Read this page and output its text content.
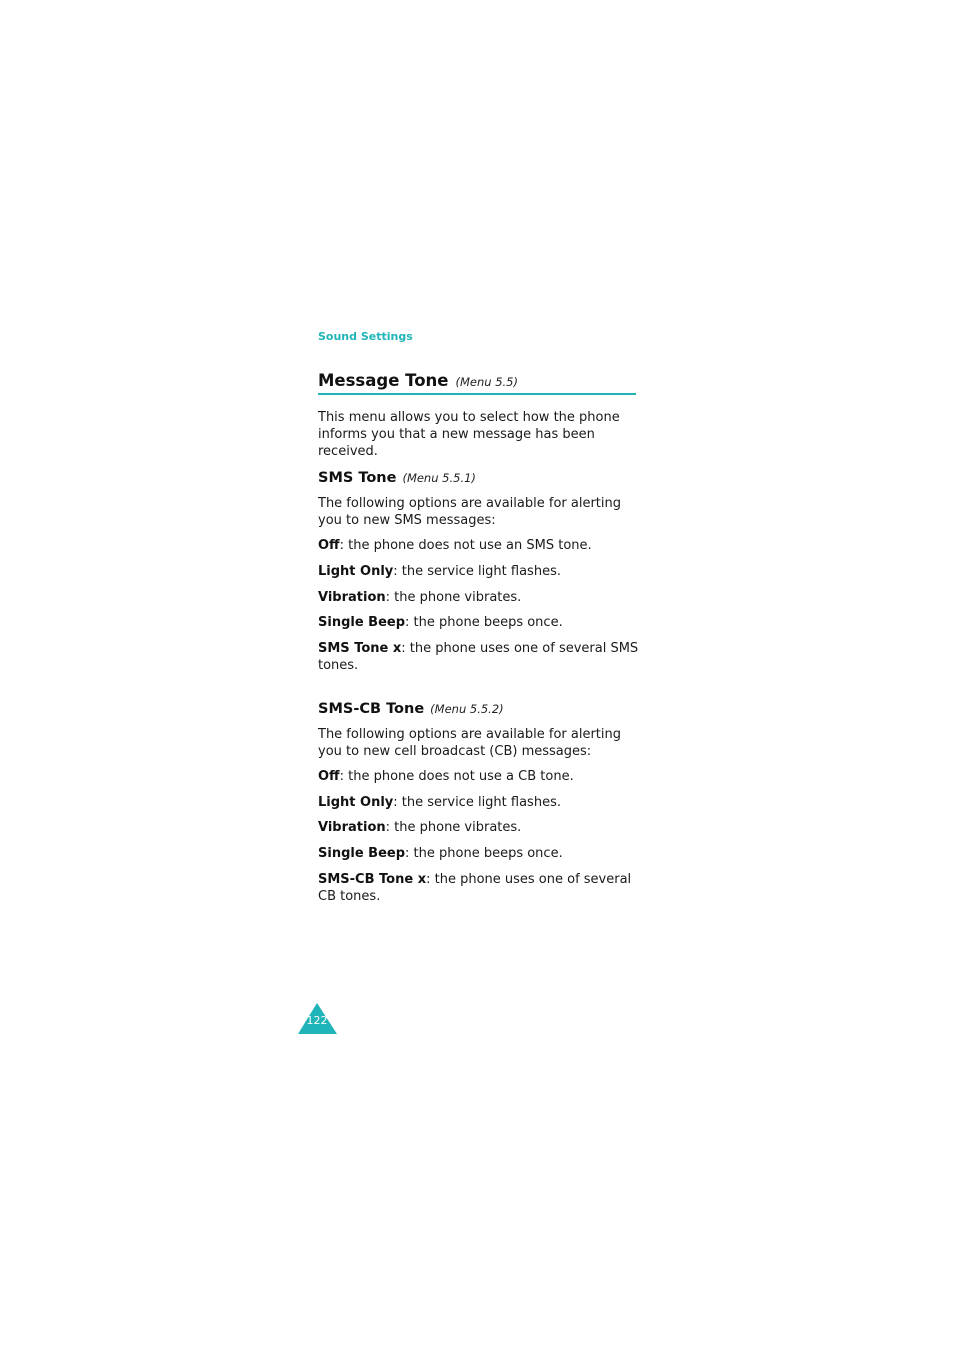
Sound Settings
Message Tone (Menu 5.5)
This menu allows you to select how the phone informs you that a new message has been received.
SMS Tone (Menu 5.5.1)
The following options are available for alerting you to new SMS messages:
Off: the phone does not use an SMS tone.
Light Only: the service light flashes.
Vibration: the phone vibrates.
Single Beep: the phone beeps once.
SMS Tone x: the phone uses one of several SMS tones.
SMS-CB Tone (Menu 5.5.2)
The following options are available for alerting you to new cell broadcast (CB) messages:
Off: the phone does not use a CB tone.
Light Only: the service light flashes.
Vibration: the phone vibrates.
Single Beep: the phone beeps once.
SMS-CB Tone x: the phone uses one of several CB tones.
122
